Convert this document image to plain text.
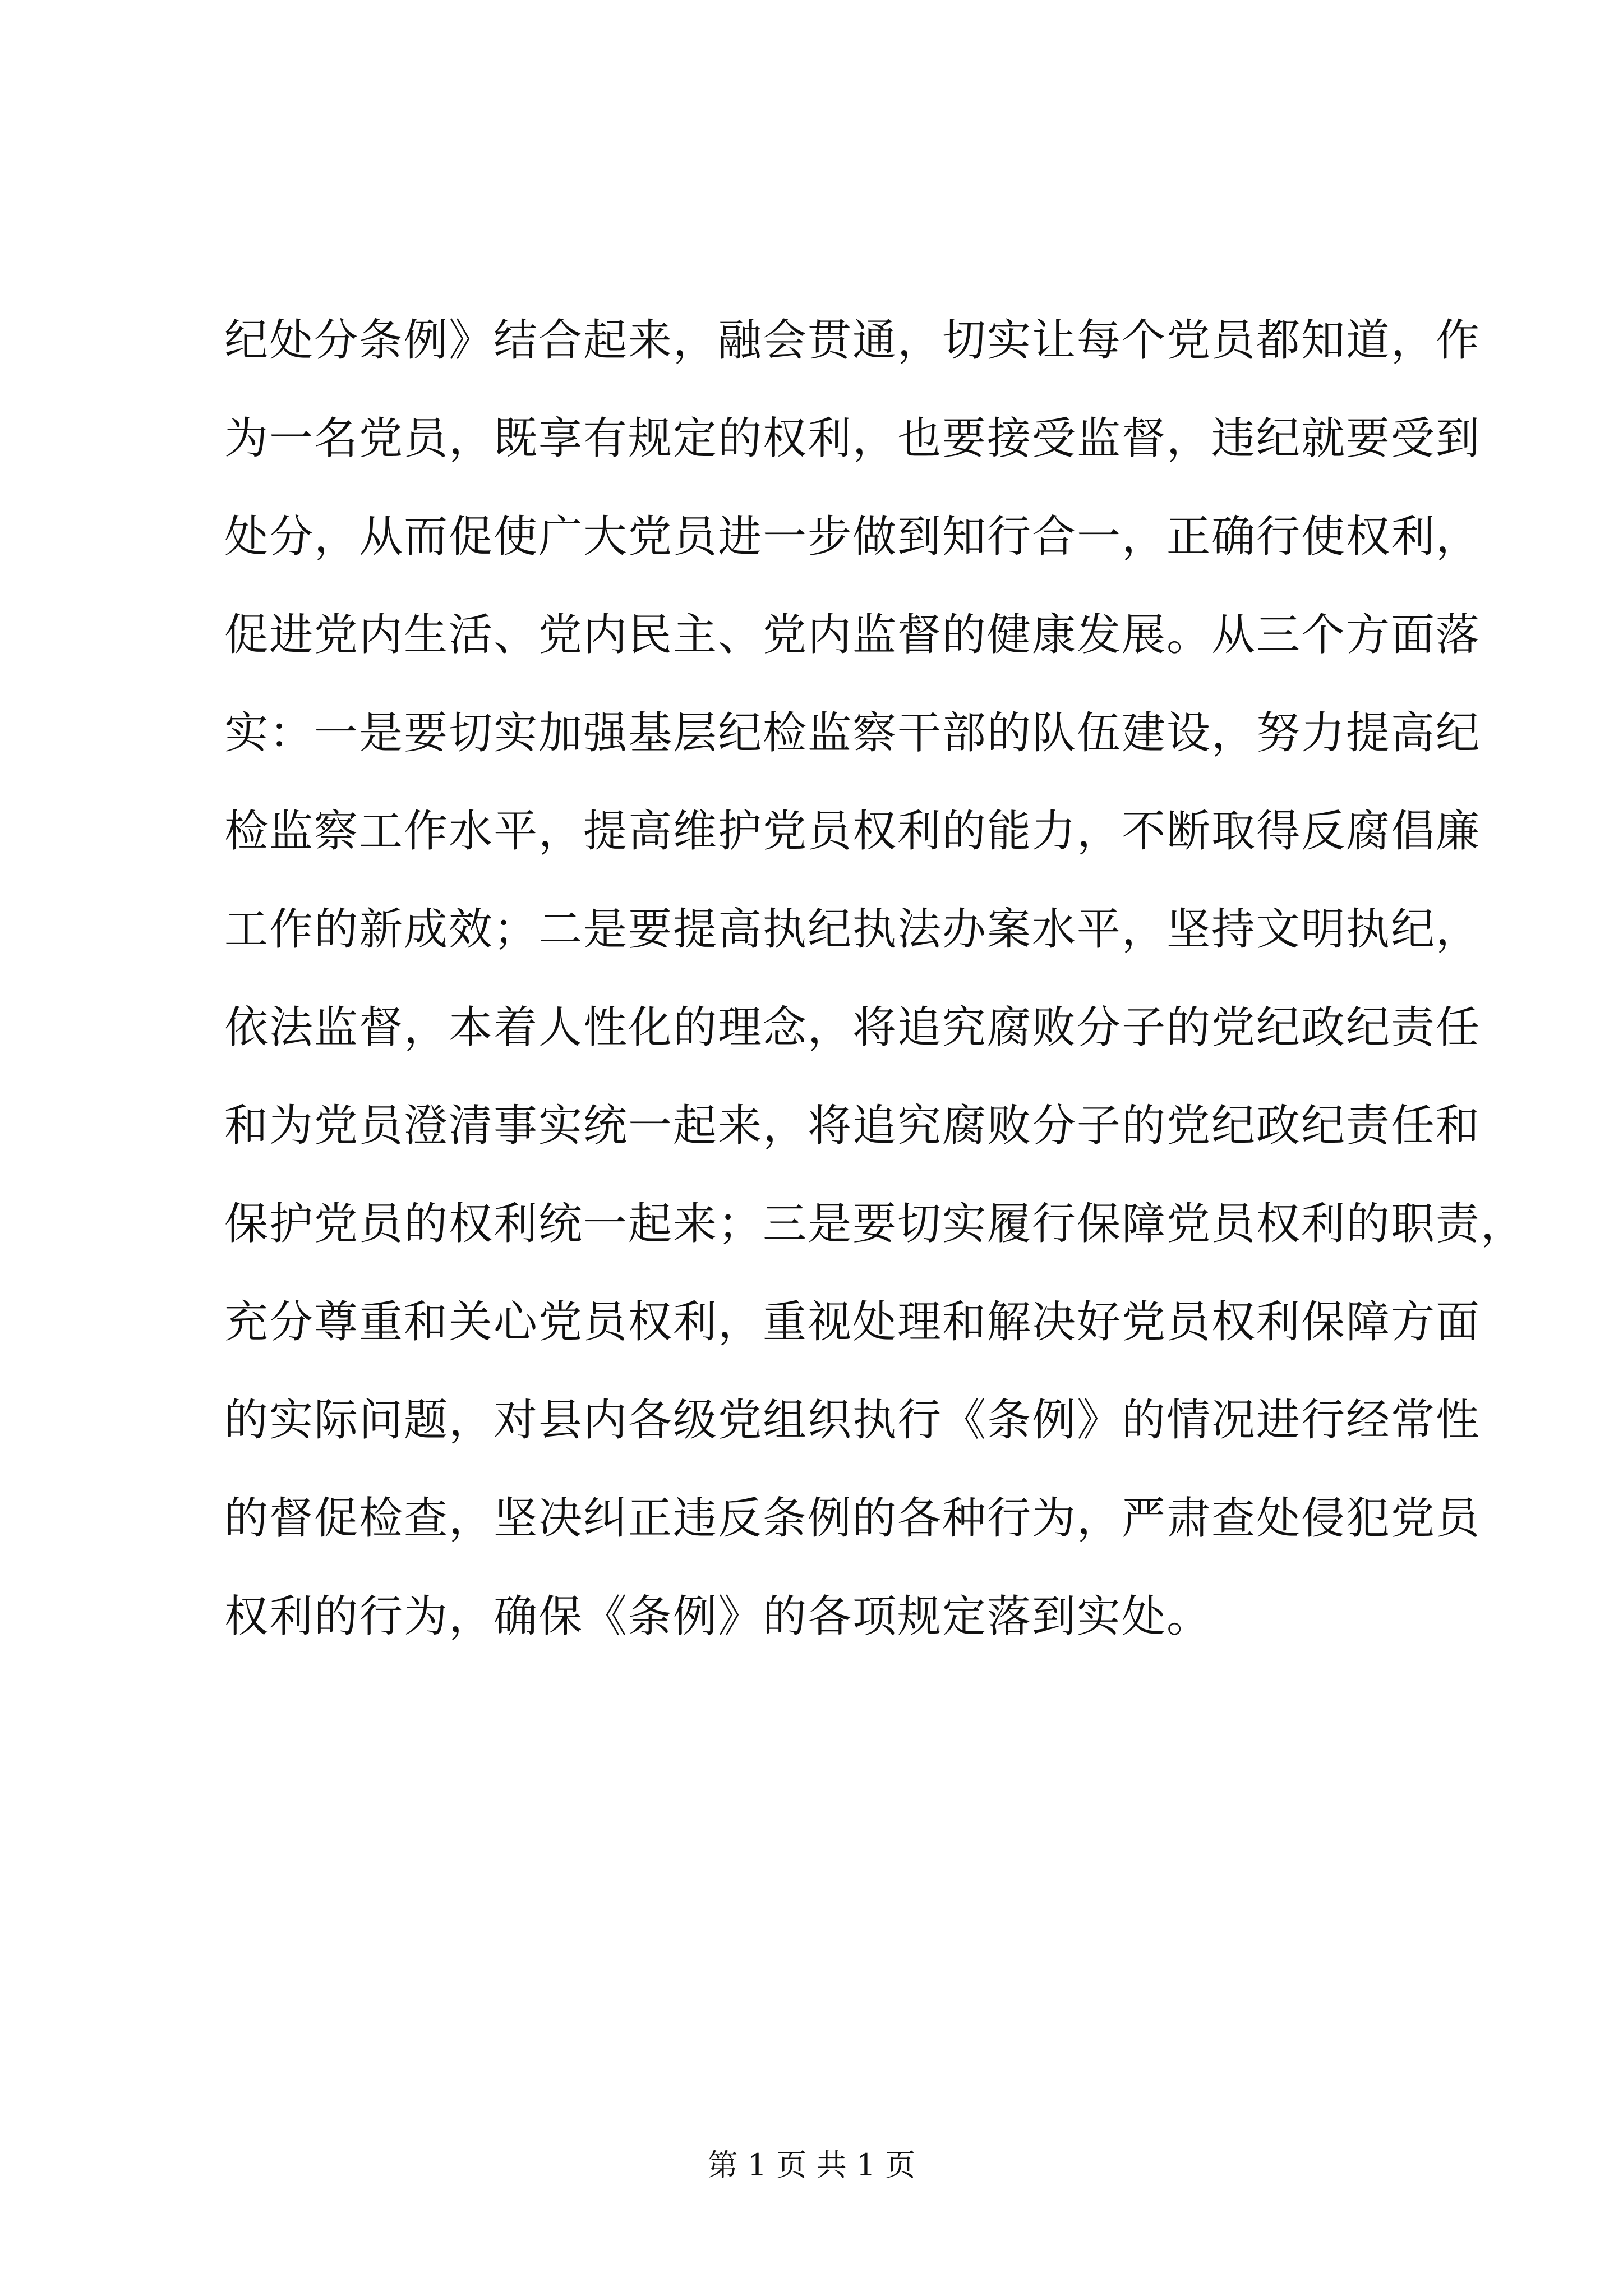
纪处分条例》结合起来，融会贯通，切实让每个党员都知道，作
为一名党员，既享有规定的权利，也要接受监督，违纪就要受到
处分，从而促使广大党员进一步做到知行合一，正确行使权利，
促进党内生活、党内民主、党内监督的健康发展。从三个方面落
实：一是要切实加强基层纪检监察干部的队伍建设，努力提高纪
检监察工作水平，提高维护党员权利的能力，不断取得反腐倡廉
工作的新成效；二是要提高执纪执法办案水平，坚持文明执纪，
依法监督，本着人性化的理念，将追究腐败分子的党纪政纪责任
和为党员澄清事实统一起来，将追究腐败分子的党纪政纪责任和
保护党员的权利统一起来；三是要切实履行保障党员权利的职责，
充分尊重和关心党员权利，重视处理和解决好党员权利保障方面
的实际问题，对县内各级党组织执行《条例》的情况进行经常性
的督促检查，坚决纠正违反条例的各种行为，严肃查处侵犯党员
权利的行为，确保《条例》的各项规定落到实处。
第 1 页 共 1 页
